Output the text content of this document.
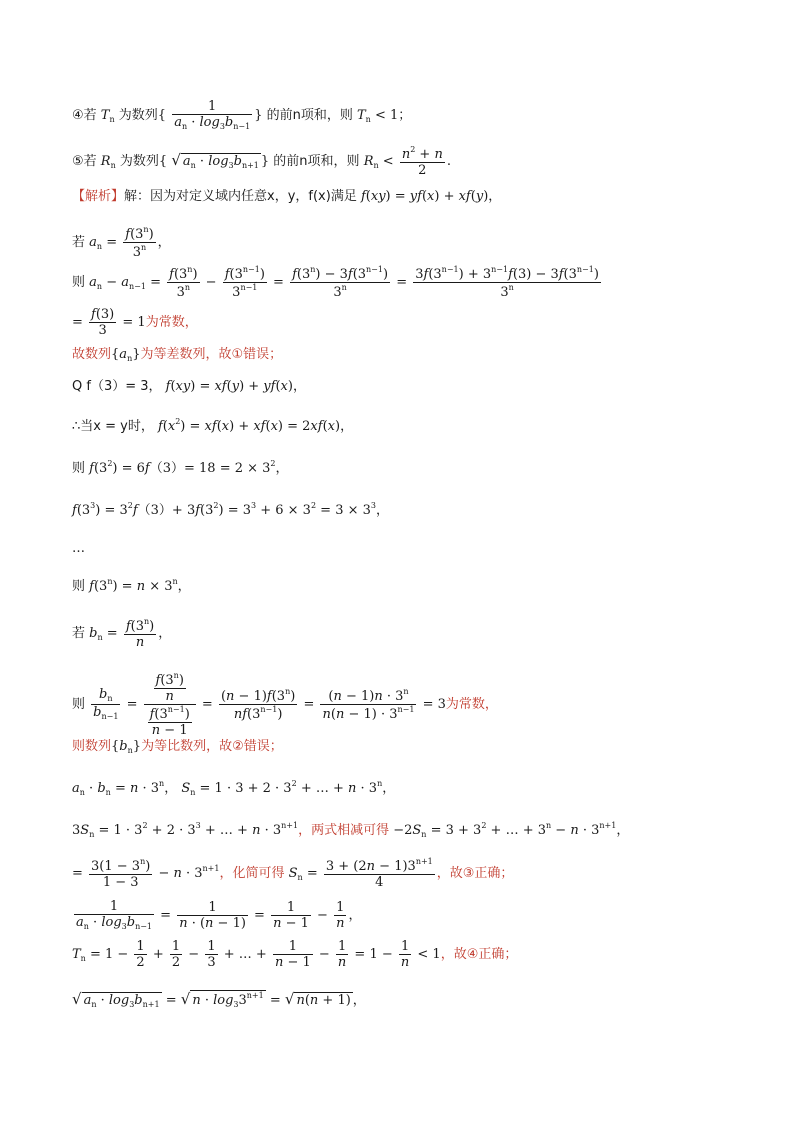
④若 $T_n$ 为数列{ $\frac{1}{a_n \cdot \log_3b_{n-1}}$ } 的前n项和，则 $T_n < 1$；
⑤若 $R_n$ 为数列{ √ $a_n \cdot \log_3b_{n+1}$ } 的前n项和，则 $R_n < \frac{n^2 + n}{2}$ .
【解析】解：因为对定义域内任意x，y，f(x)满足 f(xy) = yf(x) + xf(y)，
若 $a_n = \frac{f(3^n)}{3^n}$ ，
则 $a_n - a_{n-1} = \frac{f(3^n)}{3^n} - \frac{f(3^{n-1})}{3^{n-1}} = \frac{f(3^n) - 3f(3^{n-1})}{3^n} = \frac{3f(3^{n-1}) + 3^{n-1}f(3) - 3f(3^{n-1})}{3^n}$
= $\frac{f(3)}{3} = 1$为常数，
故数列$\{a_n\}$为等差数列，故①错误；
Q f（3）= 3， f(xy) = xf(y) + yf(x)，
∴当x = y时， $f(x^2) = xf(x) + xf(x) = 2xf(x)$，
则 $f(3^2) = 6f(3)= 18 = 2 \times 3^2$，
$f(3^3) = 3^2f(3)+ 3f(3^2) = 3^3 + 6 \times 3^2 = 3 \times 3^3$，
…
则 $f(3^n) = n \times 3^n$，
若 $b_n = \frac{f(3^n)}{n}$ ，
则 $\frac{b_n}{b_{n-1}} = \frac{\frac{f(3^n)}{n}}{\frac{f(3^{n-1})}{n - 1}} = \frac{(n - 1)f(3^n)}{nf(3^{n-1})} = \frac{(n - 1)n \cdot 3^n}{n(n - 1) \cdot 3^{n-1}} = 3$为常数，
则数列$\{b_n\}$为等比数列，故②错误；
$a_n \cdot b_n = n \cdot 3^n$， $S_n = 1 \cdot 3 + 2 \cdot 3^2$ + … + $n \cdot 3^n$，
$3S_n = 1 \cdot 3^2 + 2 \cdot 3^3$ + … + $n \cdot 3^{n+1}$，两式相减可得 $-2S_n = 3 + 3^2$ + … + $3^n - n \cdot 3^{n+1}$，
= $\frac{3(1 - 3^n)}{1 - 3} - n \cdot 3^{n+1}$，化简可得 $S_n = \frac{3 + (2n - 1)3^{n+1}}{4}$ ，故③正确；
$\frac{1}{a_n \cdot \log_3b_{n-1}} = \frac{1}{n \cdot (n - 1)} = \frac{1}{n - 1} - \frac{1}{n}$ ，
$T_n = 1 - \frac{1}{2} + \frac{1}{2} - \frac{1}{3}$ + … + $\frac{1}{n - 1} - \frac{1}{n} = 1 - \frac{1}{n} < 1$，故④正确；
√ $a_n \cdot \log_3b_{n+1}$ = √ $n \cdot \log_33^{n+1}$ = √ n(n + 1) ，
